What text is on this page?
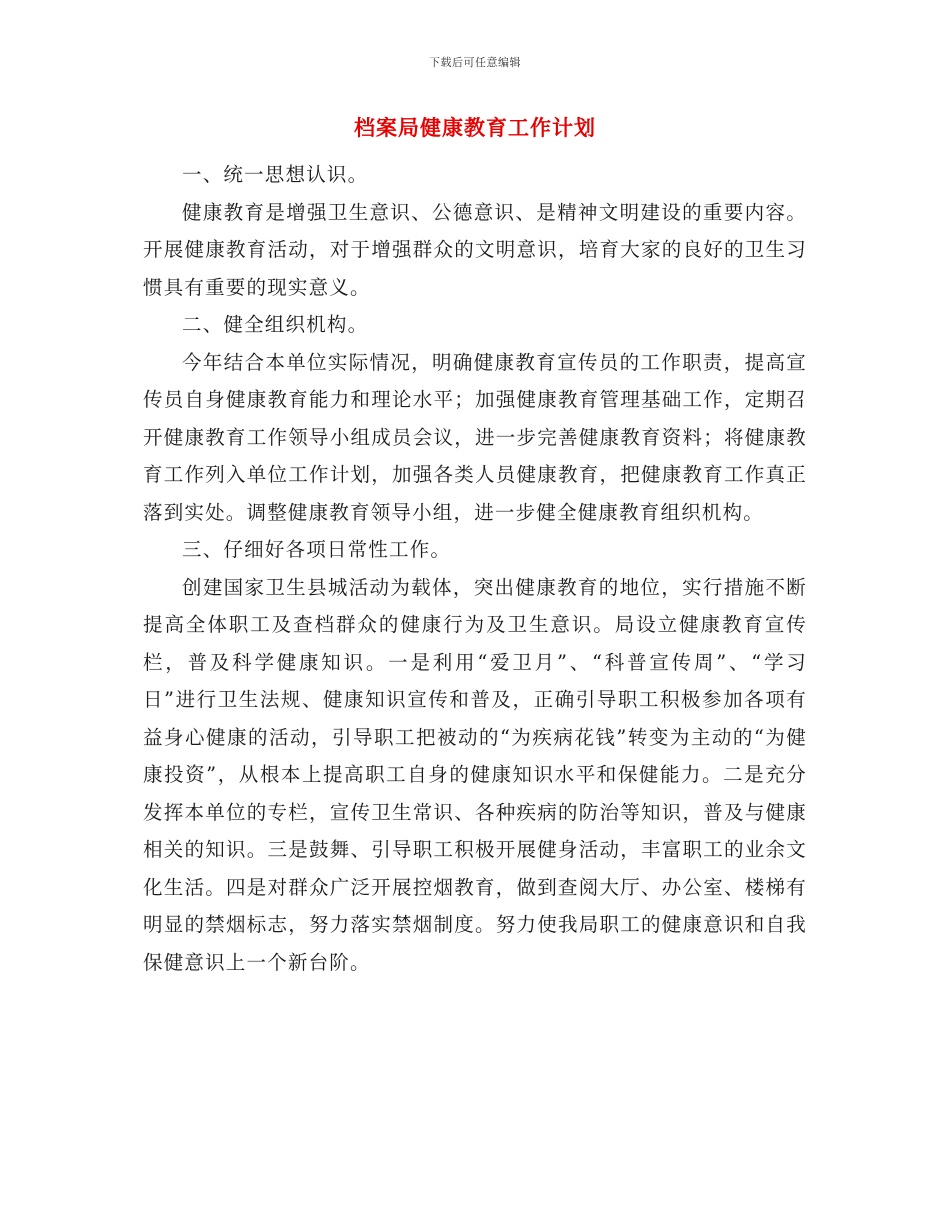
下载后可任意编辑
档案局健康教育工作计划

一、统一思想认识。

健康教育是增强卫生意识、公德意识、是精神文明建设的重要内容。开展健康教育活动，对于增强群众的文明意识，培育大家的良好的卫生习惯具有重要的现实意义。

二、健全组织机构。

今年结合本单位实际情况，明确健康教育宣传员的工作职责，提高宣传员自身健康教育能力和理论水平；加强健康教育管理基础工作，定期召开健康教育工作领导小组成员会议，进一步完善健康教育资料；将健康教育工作列入单位工作计划，加强各类人员健康教育，把健康教育工作真正落到实处。调整健康教育领导小组，进一步健全健康教育组织机构。

三、仔细好各项日常性工作。

创建国家卫生县城活动为载体，突出健康教育的地位，实行措施不断提高全体职工及查档群众的健康行为及卫生意识。局设立健康教育宣传栏，普及科学健康知识。一是利用“爱卫月”、“科普宣传周”、“学习日”进行卫生法规、健康知识宣传和普及，正确引导职工积极参加各项有益身心健康的活动，引导职工把被动的“为疾病花钱”转变为主动的“为健康投资”，从根本上提高职工自身的健康知识水平和保健能力。二是充分发挥本单位的专栏，宣传卫生常识、各种疾病的防治等知识，普及与健康相关的知识。三是鼓舞、引导职工积极开展健身活动，丰富职工的业余文化生活。四是对群众广泛开展控烟教育，做到查阅大厅、办公室、楼梯有明显的禁烟标志，努力落实禁烟制度。努力使我局职工的健康意识和自我保健意识上一个新台阶。
